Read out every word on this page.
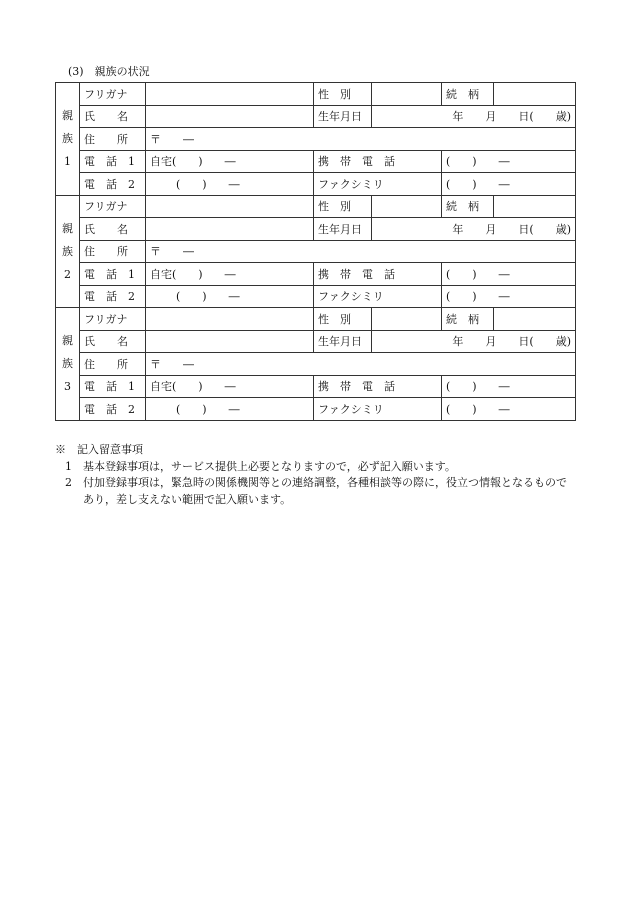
(3)　親族の状況
親
族
1	フリガナ		性　別		続　柄	
	氏　　名		生年月日	年　　月　　日(　　歳)		
	住　　所	〒　　―				
	電　話　1	自宅(　　)　　―	携　帯　電　話		(　　)　　―	
	電　話　2	(　　)　　―	ファクシミリ		(　　)　　―	

親
族
2	フリガナ		性　別		続　柄	
	氏　　名		生年月日	年　　月　　日(　　歳)		
	住　　所	〒　　―				
	電　話　1	自宅(　　)　　―	携　帯　電　話		(　　)　　―	
	電　話　2	(　　)　　―	ファクシミリ		(　　)　　―	

親
族
3	フリガナ		性　別		続　柄	
	氏　　名		生年月日	年　　月　　日(　　歳)		
	住　　所	〒　　―				
	電　話　1	自宅(　　)　　―	携　帯　電　話		(　　)　　―	
	電　話　2	(　　)　　―	ファクシミリ		(　　)　　―	
※　記入留意事項
1　基本登録事項は，サービス提供上必要となりますので，必ず記入願います。
2　付加登録事項は，緊急時の関係機関等との連絡調整，各種相談等の際に，役立つ情報となるものであり，差し支えない範囲で記入願います。
